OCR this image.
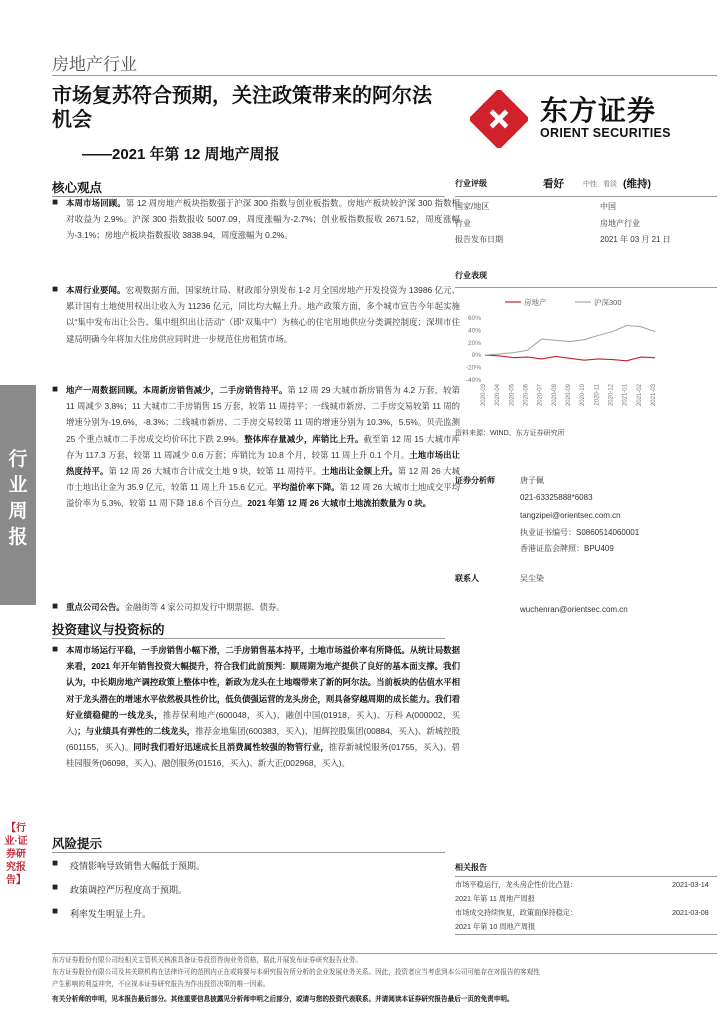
房地产行业
市场复苏符合预期，关注政策带来的阿尔法机会
——2021 年第 12 周地产周报
东方证券
ORIENT SECURITIES
行业周报
【行业·证券研究报告】
核心观点
■ 本周市场回顾。第 12 周房地产板块指数强于沪深 300 指数与创业板指数。房地产板块较沪深 300 指数相对收益为 2.9%。沪深 300 指数报收 5007.09，周度涨幅为-2.7%；创业板指数报收 2671.52，周度涨幅为-3.1%；房地产板块指数报收 3838.94，周度涨幅为 0.2%。
■ 本周行业要闻。宏观数据方面，国家统计局、财政部分别发布 1-2 月全国房地产开发投资为 13986 亿元、累计国有土地使用权出让收入为 11236 亿元，同比均大幅上升。地产政策方面，多个城市宣告今年起实施以“集中发布出让公告、集中组织出让活动”（即“双集中”）为核心的住宅用地供应分类调控制度；深圳市住建局明确今年将加大住房供应同时进一步规范住房租赁市场。
■ 地产一周数据回顾。本周新房销售减少，二手房销售持平。第 12 周 29 大城市新房销售为 4.2 万套，较第 11 周减少 3.8%；11 大城市二手房销售 15 万套，较第 11 周持平；一线城市新房、二手房交易较第 11 周的增速分别为-19.6%，-8.3%；二线城市新房、二手房交易较第 11 周的增速分别为 10.3%，5.5%。贝壳监测 25 个重点城市二手房成交均价环比下跌 2.9%。整体库存量减少，库销比上升。截至第 12 周 15 大城市库存为 117.3 万套，较第 11 周减少 0.6 万套；库销比为 10.8 个月，较第 11 周上升 0.1 个月。土地市场出让热度持平。第 12 周 26 大城市合计成交土地 9 块，较第 11 周持平。土地出让金额上升。第 12 周 26 大城市土地出让金为 35.9 亿元，较第 11 周上升 15.6 亿元。平均溢价率下降。第 12 周 26 大城市土地成交平均溢价率为 5.3%，较第 11 周下降 18.6 个百分点。2021 年第 12 周 26 大城市土地流拍数量为 0 块。
■ 重点公司公告。金融街等 4 家公司拟发行中期票据、债券。
投资建议与投资标的
■ 本周市场运行平稳，一手房销售小幅下滑，二手房销售基本持平，土地市场溢价率有所降低。从统计局数据来看，2021 年开年销售投资大幅提升，符合我们此前预判：顺周期为地产提供了良好的基本面支撑。我们认为，中长期房地产调控政策上整体中性，新政为龙头在土地端带来了新的阿尔法。当前板块的估值水平相对于龙头潜在的增速水平依然极具性价比，低负债强运营的龙头房企，则具备穿越周期的成长能力。我们看好业绩稳健的一线龙头，推荐保利地产(600048，买入)、融创中国(01918，买入)、万科 A(000002，买入)；与业绩具有弹性的二线龙头，推荐金地集团(600383，买入)、旭辉控股集团(00884，买入)、新城控股(601155，买入)。同时我们看好迅速成长且消费属性较强的物管行业，推荐新城悦服务(01755，买入)、碧桂园服务(06098，买入)、融创服务(01516，买入)、新大正(002968，买入)。
风险提示
■ 疫情影响导致销售大幅低于预期。
■ 政策调控严厉程度高于预期。
■ 利率发生明显上升。
行业评级	看好	中性 看淡 (维持)
国家/地区	中国
行业	房地产行业
报告发布日期	2021 年 03 月 21 日
行业表现
60%
40%
20%
0%
-20%
-40%
2020-03 2020-04 2020-05 2020-06 2020-07 2020-08 2020-09 2020-10 2020-11 2020-12 2021-01 2021-02 2021-03
房地产	沪深300
资料来源：WIND、东方证券研究所
证券分析师	唐子佩
021-63325888*6083
tangzipei@orientsec.com.cn
执业证书编号：S0860514060001
香港证监会牌照：BPU409
联系人	吴尘染
wuchenran@orientsec.com.cn
相关报告
市场平稳运行，龙头房企性价比凸显：	2021-03-14
2021 年第 11 周地产周报
市场成交持续恢复，政策面保持稳定：	2021-03-08
2021 年第 10 周地产周报
东方证券股份有限公司经相关主管机关核准具备证券投资咨询业务资格，据此开展发布证券研究报告业务。
东方证券股份有限公司及其关联机构在法律许可的范围内正在或将要与本研究报告所分析的企业发展业务关系。因此，投资者应当考虑到本公司可能存在对报告的客观性
产生影响的利益冲突，不应视本证券研究报告为作出投资决策的唯一因素。
有关分析师的申明，见本报告最后部分。其他重要信息披露见分析师申明之后部分，或请与您的投资代表联系。并请阅读本证券研究报告最后一页的免责申明。
